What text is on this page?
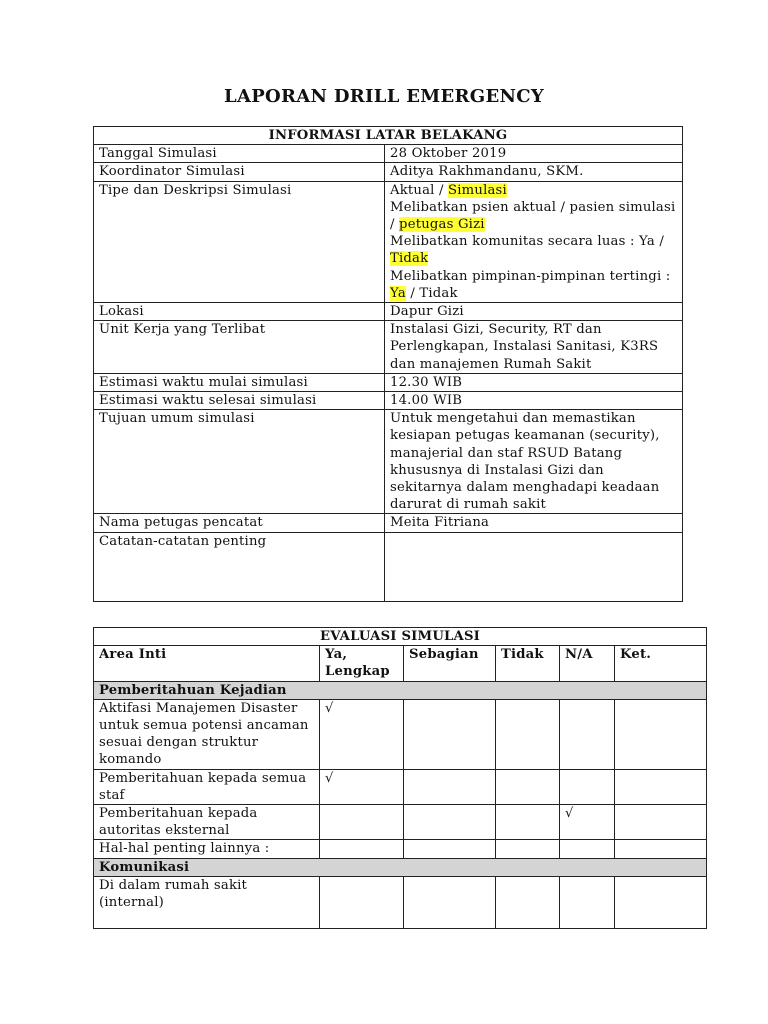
LAPORAN DRILL EMERGENCY
INFORMASI LATAR BELAKANG	
Tanggal Simulasi	28 Oktober 2019
Koordinator Simulasi	Aditya Rakhmandanu, SKM.
Tipe dan Deskripsi Simulasi	Aktual / Simulasi
Melibatkan psien aktual / pasien simulasi / petugas Gizi
Melibatkan komunitas secara luas : Ya / Tidak
Melibatkan pimpinan-pimpinan tertingi : Ya / Tidak

Lokasi	Dapur Gizi
Unit Kerja yang Terlibat	Instalasi Gizi, Security, RT dan Perlengkapan, Instalasi Sanitasi, K3RS dan manajemen Rumah Sakit
Estimasi waktu mulai simulasi	12.30 WIB
Estimasi waktu selesai simulasi	14.00 WIB
Tujuan umum simulasi	Untuk mengetahui dan memastikan kesiapan petugas keamanan (security), manajerial dan staf RSUD Batang khususnya di Instalasi Gizi dan sekitarnya dalam menghadapi keadaan darurat di rumah sakit
Nama petugas pencatat	Meita Fitriana
Catatan-catatan penting	
EVALUASI SIMULASI					
Area Inti	Ya, Lengkap	Sebagian	Tidak	N/A	Ket.
Pemberitahuan Kejadian					
Aktifasi Manajemen Disaster untuk semua potensi ancaman sesuai dengan struktur komando	√				
Pemberitahuan kepada semua staf	√				
Pemberitahuan kepada autoritas eksternal				√	
Hal-hal penting lainnya :					
Komunikasi					
Di dalam rumah sakit (internal)					
